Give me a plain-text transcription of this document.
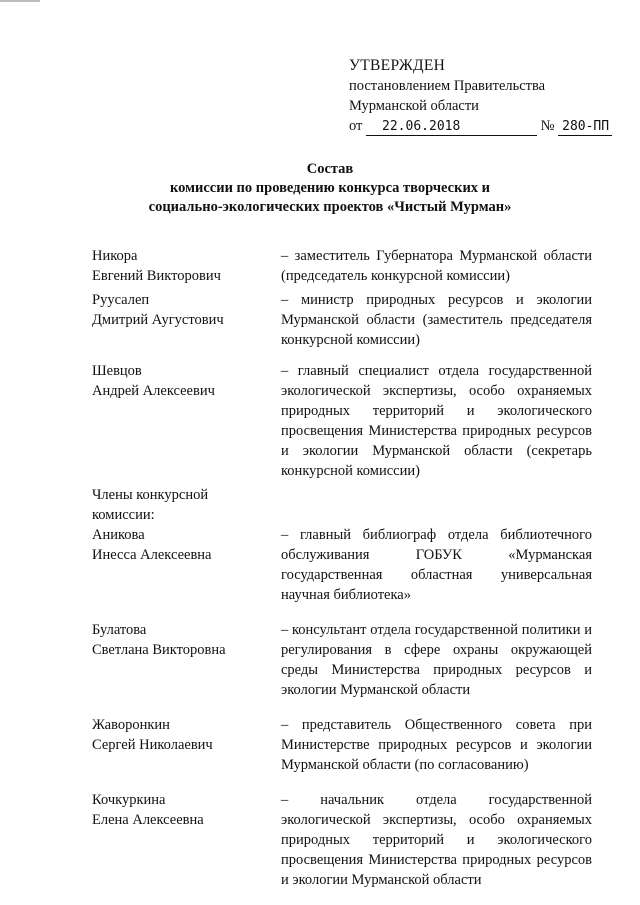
УТВЕРЖДЕН
постановлением Правительства
Мурманской области
от 22.06.2018	№ 280-ПП
Состав
комиссии по проведению конкурса творческих и
социально-экологических проектов «Чистый Мурман»
Никора
Евгений Викторович
– заместитель Губернатора Мурманской области (председатель конкурсной комиссии)
Руусалеп
Дмитрий Аугустович
– министр природных ресурсов и экологии Мурманской области (заместитель председателя конкурсной комиссии)
Шевцов
Андрей Алексеевич
– главный специалист отдела государственной экологической экспертизы, особо охраняемых природных территорий и экологического просвещения Министерства природных ресурсов и экологии Мурманской области (секретарь конкурсной комиссии)
Члены конкурсной
комиссии:
Аникова
Инесса Алексеевна
– главный библиограф отдела библиотечного обслуживания ГОБУК «Мурманская государственная областная универсальная научная библиотека»
Булатова
Светлана Викторовна
– консультант отдела государственной политики и регулирования в сфере охраны окружающей среды Министерства природных ресурсов и экологии Мурманской области
Жаворонкин
Сергей Николаевич
– представитель Общественного совета при Министерстве природных ресурсов и экологии Мурманской области (по согласованию)
Кочкуркина
Елена Алексеевна
– начальник отдела государственной экологической экспертизы, особо охраняемых природных территорий и экологического просвещения Министерства природных ресурсов и экологии Мурманской области
